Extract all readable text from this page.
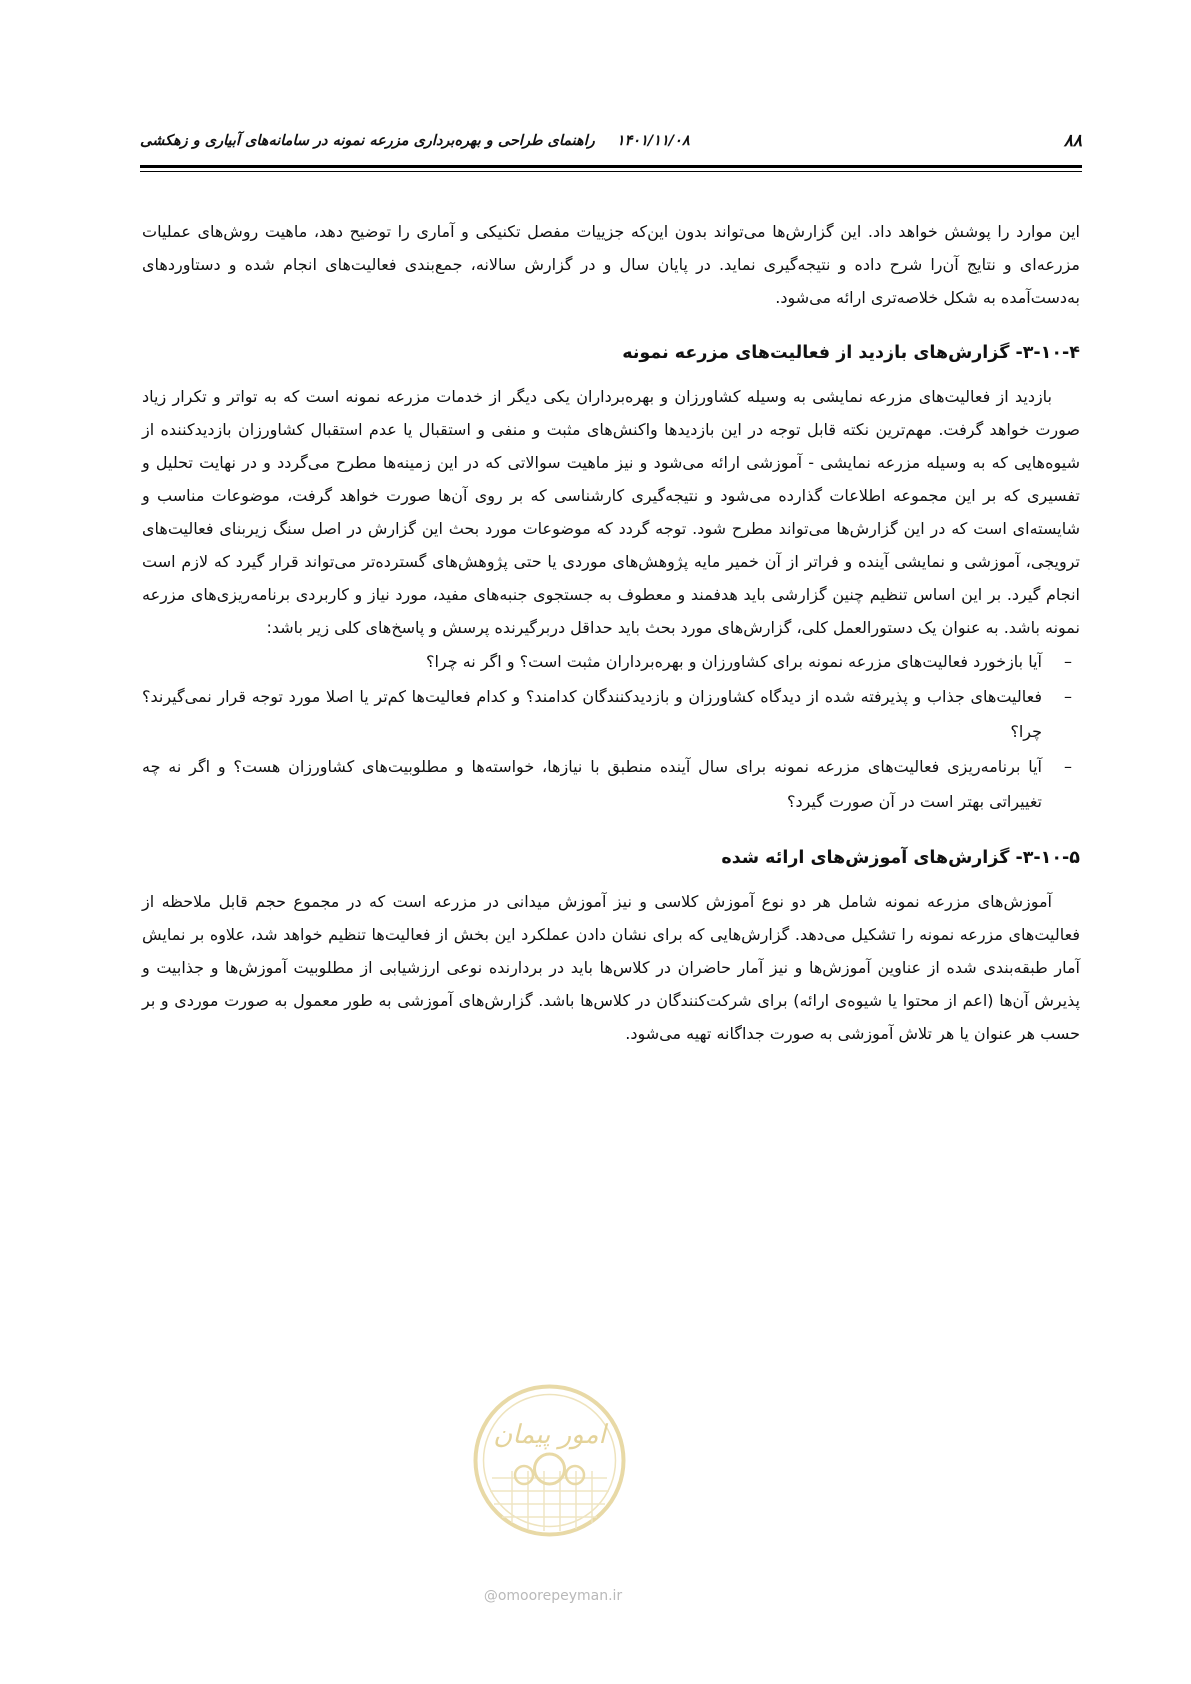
۸۸
۱۴۰۱/۱۱/۰۸راهنمای طراحی و بهره‌برداری مزرعه نمونه در سامانه‌های آبیاری و زهکشی

این موارد را پوشش خواهد داد. این گزارش‌ها می‌تواند بدون این‌که جزییات مفصل تکنیکی و آماری را توضیح دهد، ماهیت روش‌های عملیات مزرعه‌ای و نتایج آن‌را شرح داده و نتیجه‌گیری نماید. در پایان سال و در گزارش سالانه، جمع‌بندی فعالیت‌های انجام شده و دستاوردهای به‌دست‌آمده به شکل خلاصه‌تری ارائه می‌شود.

۳-۱۰-۴- گزارش‌های بازدید از فعالیت‌های مزرعه نمونه

بازدید از فعالیت‌های مزرعه نمایشی به وسیله کشاورزان و بهره‌برداران یکی دیگر از خدمات مزرعه نمونه است که به تواتر و تکرار زیاد صورت خواهد گرفت. مهم‌ترین نکته قابل توجه در این بازدیدها واکنش‌های مثبت و منفی و استقبال یا عدم استقبال کشاورزان بازدیدکننده از شیوه‌هایی که به وسیله مزرعه نمایشی - آموزشی ارائه می‌شود و نیز ماهیت سوالاتی که در این زمینه‌ها مطرح می‌گردد و در نهایت تحلیل و تفسیری که بر این مجموعه اطلاعات گذارده می‌شود و نتیجه‌گیری کارشناسی که بر روی آن‌ها صورت خواهد گرفت، موضوعات مناسب و شایسته‌ای است که در این گزارش‌ها می‌تواند مطرح شود. توجه گردد که موضوعات مورد بحث این گزارش در اصل سنگ زیربنای فعالیت‌های ترویجی، آموزشی و نمایشی آینده و فراتر از آن خمیر مایه پژوهش‌های موردی یا حتی پژوهش‌های گسترده‌تر می‌تواند قرار گیرد که لازم است انجام گیرد. بر این اساس تنظیم چنین گزارشی باید هدفمند و معطوف به جستجوی جنبه‌های مفید، مورد نیاز و کاربردی برنامه‌ریزی‌های مزرعه نمونه باشد. به عنوان یک دستورالعمل کلی، گزارش‌های مورد بحث باید حداقل دربرگیرنده پرسش و پاسخ‌های کلی زیر باشد:

–
آیا بازخورد فعالیت‌های مزرعه نمونه برای کشاورزان و بهره‌برداران مثبت است؟ و اگر نه چرا؟
–
فعالیت‌های جذاب و پذیرفته شده از دیدگاه کشاورزان و بازدیدکنندگان کدامند؟ و کدام فعالیت‌ها کم‌تر یا اصلا مورد توجه قرار نمی‌گیرند؟ چرا؟
–
آیا برنامه‌ریزی فعالیت‌های مزرعه نمونه برای سال آینده منطبق با نیازها، خواسته‌ها و مطلوبیت‌های کشاورزان هست؟ و اگر نه چه تغییراتی بهتر است در آن صورت گیرد؟
۳-۱۰-۵- گزارش‌های آموزش‌های ارائه شده

آموزش‌های مزرعه نمونه شامل هر دو نوع آموزش کلاسی و نیز آموزش میدانی در مزرعه است که در مجموع حجم قابل ملاحظه از فعالیت‌های مزرعه نمونه را تشکیل می‌دهد. گزارش‌هایی که برای نشان دادن عملکرد این بخش از فعالیت‌ها تنظیم خواهد شد، علاوه بر نمایش آمار طبقه‌بندی شده از عناوین آموزش‌ها و نیز آمار حاضران در کلاس‌ها باید در بردارنده نوعی ارزشیابی از مطلوبیت آموزش‌ها و جذابیت و پذیرش آن‌ها (اعم از محتوا یا شیوه‌ی ارائه) برای شرکت‌کنندگان در کلاس‌ها باشد. گزارش‌های آموزشی به طور معمول به صورت موردی و بر حسب هر عنوان یا هر تلاش آموزشی به صورت جداگانه تهیه می‌شود.

امور پیمان
@omoorepeyman.ir
